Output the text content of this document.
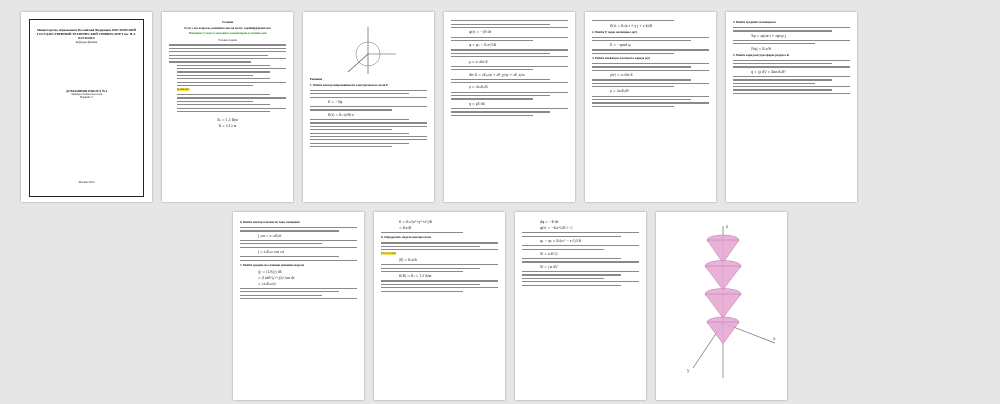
Министерство образования Российской Федерации МОСКОВСКИЙ ГОСУДАРСТВЕННЫЙ ТЕХНИЧЕСКИЙ УНИВЕРСИТЕТ им. Н.Э. БАУМАНА
Кафедра физики
ДОМАШНЯЯ РАБОТА №4
Электростатическое поле
Вариант 3
Москва 2014
Условие
Если у вас вопросы, напишите мне на почту: sqadhelp@gmail.com
Напишите 5 задач и заполните комментарии в течении дня
Условие задачи
(к началу)
E₀ = 1,5 В/м
R = 0,12 м
Решение
1. Найти вектор напряжённости электрического поля E
E = −∇φ
E(r) = E₀·(r/R)·e
φ(r) = −∫E·dr
φ = φ₀ − E₀r²/2R
ρ = ε₀ div E
div E = ∂Eₓ/∂x + ∂E_y/∂y + ∂E_z/∂z
ρ = 3ε₀E₀/R
q = ∮E·dS
E(r) = E₀(x·i + y·j + z·k)/R
2. Найти E через потенциал φ(r)
E = −grad φ
3. Найти объёмную плотность заряда ρ(r)
ρ(r) = ε₀·div E
ρ = 3ε₀E₀/R
4. Найти градиент потенциала
∇φ = ∂φ/∂x·i + ∂φ/∂y·j
|∇φ| = E₀r/R
5. Найти заряд внутри сферы радиуса R
q = ∫ρ dV = 4πε₀E₀R²
6. Найти вектор плотности тока смещения
j_см = ε₀ ∂E/∂t
j = ε₀E₀ω cos ωt
7. Найти среднее по сечению значение модуля
⟨j⟩ = (1/S)∫j dS
= (1/πR²)∫₀ᴿ j(r)·2πr dr
= 2ε₀E₀ω/3
E = E₀√(x²+y²+z²)/R
= E₀r/R
8. Определить модуль вектора поля
Рассмотрим
|E| = E₀r/R
E(R) = E₀ = 1,5 В/м
dφ = −E·dr
φ(r) = −E₀r²/2R + C
φ₁ − φ₂ = E₀(r₂² − r₁²)/2R
W = ε₀E²/2
W = ∫w dV
x
y
z
